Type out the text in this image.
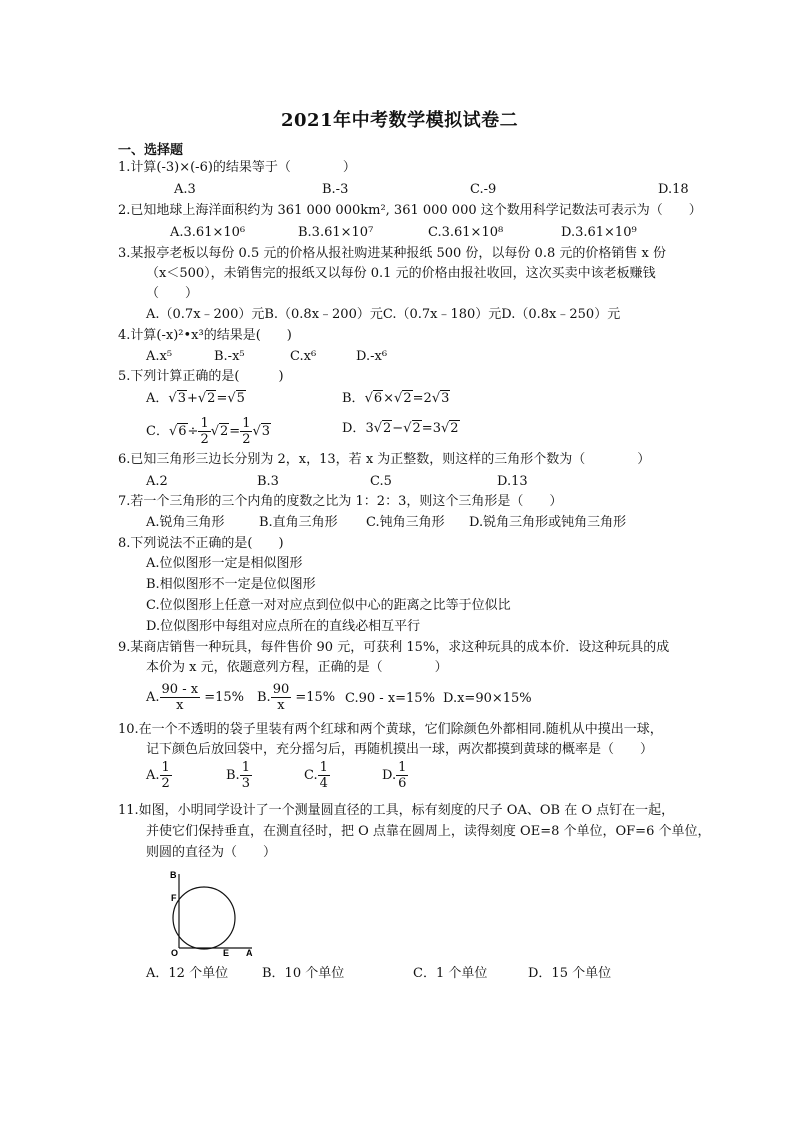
2021年中考数学模拟试卷二
一、选择题
1.计算(-3)×(-6)的结果等于（　　　　）
A.3	B.-3	C.-9	D.18
2.已知地球上海洋面积约为 361 000 000km², 361 000 000 这个数用科学记数法可表示为（　　）
A.3.61×10⁶	B.3.61×10⁷	C.3.61×10⁸	D.3.61×10⁹
3.某报亭老板以每份 0.5 元的价格从报社购进某种报纸 500 份，以每份 0.8 元的价格销售 x 份
（x＜500），未销售完的报纸又以每份 0.1 元的价格由报社收回，这次买卖中该老板赚钱
（　　）
A.（0.7x﹣200）元B.（0.8x﹣200）元C.（0.7x﹣180）元D.（0.8x﹣250）元
4.计算(-x)²•x³的结果是(　　)
A.x⁵	B.-x⁵	C.x⁶	D.-x⁶
5.下列计算正确的是(　　　)
A．√3+√2=√5	B．√6×√2=2√3
C．$√6\div \frac{1}{2} √2= \frac{1}{2} √3$	D．3√2−√2=3√2
6.已知三角形三边长分别为 2，x，13，若 x 为正整数，则这样的三角形个数为（　　　　）
A.2	B.3	C.5	D.13
7.若一个三角形的三个内角的度数之比为 1：2：3，则这个三角形是（　　）
A.锐角三角形	B.直角三角形 C.钝角三角形 D.锐角三角形或钝角三角形
8.下列说法不正确的是(　　)
A.位似图形一定是相似图形
B.相似图形不一定是位似图形
C.位似图形上任意一对对应点到位似中心的距离之比等于位似比
D.位似图形中每组对应点所在的直线必相互平行
9.某商店销售一种玩具，每件售价 90 元，可获利 15%，求这种玩具的成本价．设这种玩具的成
本价为 x 元，依题意列方程，正确的是（　　　　）
A. $\frac{90 - x}{x} =15\%$ B. $\frac{90}{x} =15\%$ C.90 - x=15% D.x=90×15%
10.在一个不透明的袋子里装有两个红球和两个黄球，它们除颜色外都相同.随机从中摸出一球，
记下颜色后放回袋中，充分摇匀后，再随机摸出一球，两次都摸到黄球的概率是（　　）
A. $\frac{1}{2}$	B. $\frac{1}{3}$	C. $\frac{1}{4}$	D. $\frac{1}{6}$
11.如图，小明同学设计了一个测量圆直径的工具，标有刻度的尺子 OA、OB 在 O 点钉在一起，
并使它们保持垂直，在测直径时，把 O 点靠在圆周上，读得刻度 OE=8 个单位，OF=6 个单位，
则圆的直径为（　　）
B
F
O	E A
A．12 个单位	B．10 个单位	C．1 个单位	D．15 个单位
